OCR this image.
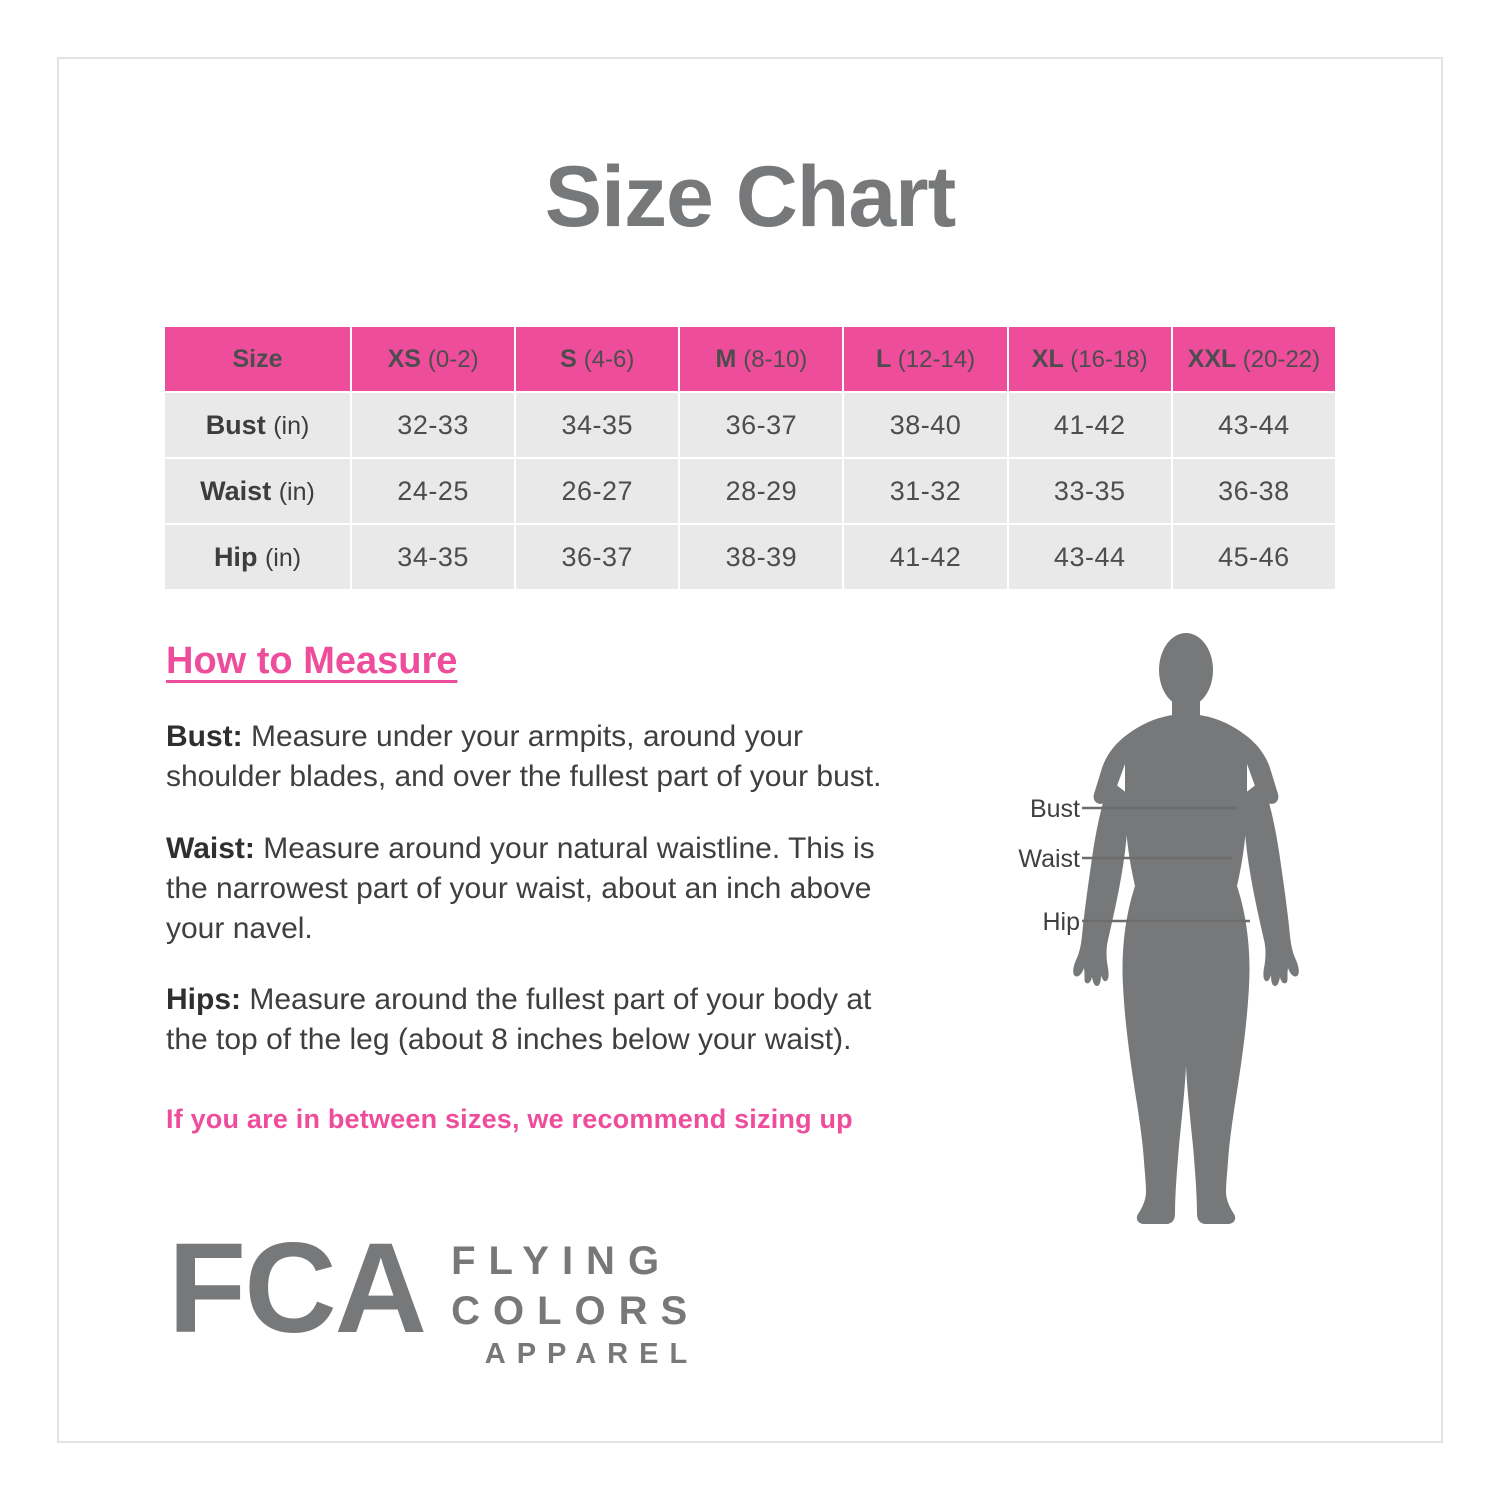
Size Chart
Size	XS (0-2)	S (4-6)	M (8-10)	L (12-14)	XL (16-18)	XXL (20-22)
Bust (in)	32-33	34-35	36-37	38-40	41-42	43-44
Waist (in)	24-25	26-27	28-29	31-32	33-35	36-38
Hip (in)	34-35	36-37	38-39	41-42	43-44	45-46
How to Measure
Bust: Measure under your armpits, around your shoulder blades, and over the fullest part of your bust.
Waist: Measure around your natural waistline. This is the narrowest part of your waist, about an inch above your navel.
Hips: Measure around the fullest part of your body at the top of the leg (about 8 inches below your waist).
If you are in between sizes, we recommend sizing up
FCA FLYING
COLORS
APPAREL
Bust
Waist
Hip
